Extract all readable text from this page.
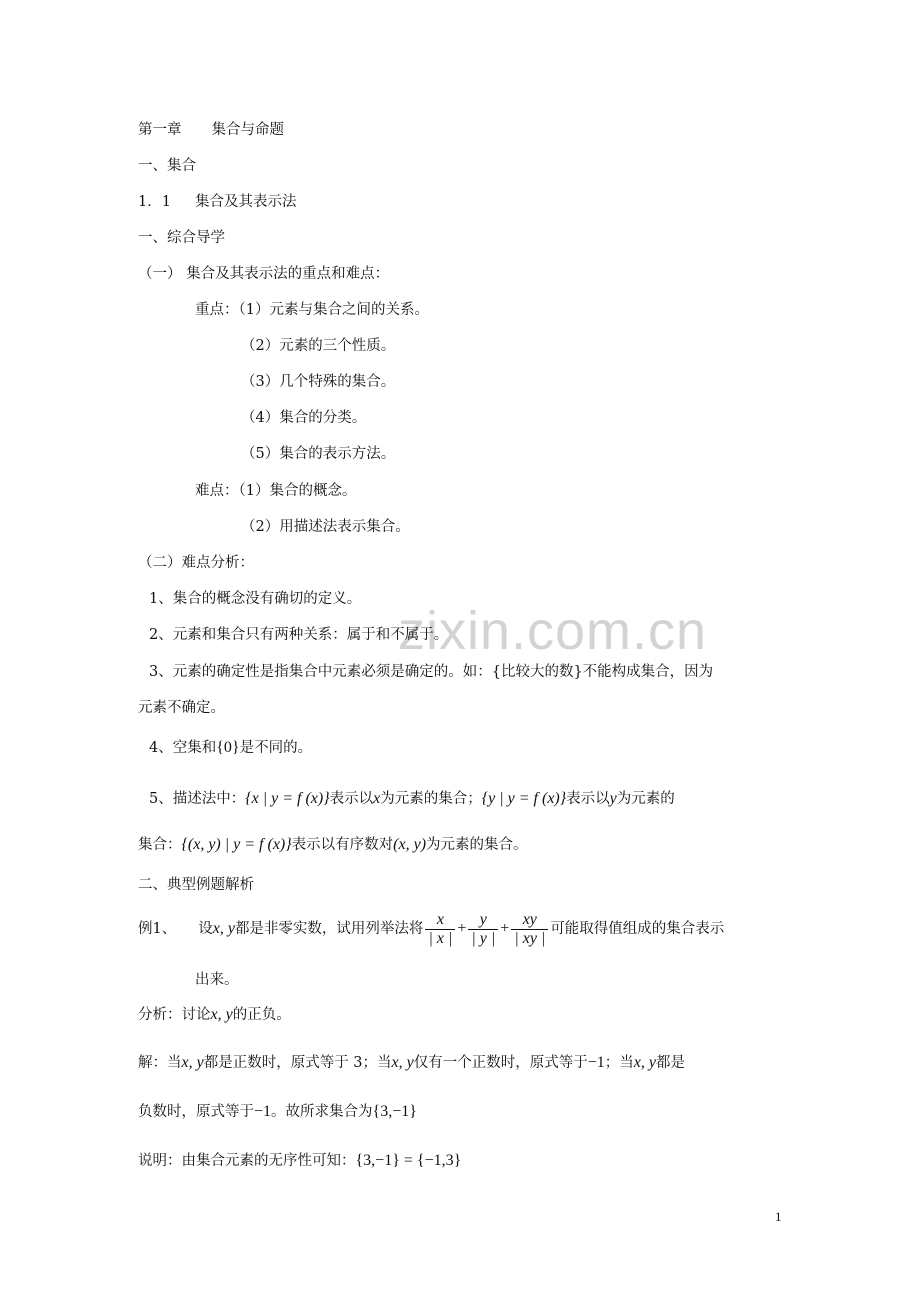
zixin.com.cn
第一章 集合与命题
一、集合
1．1 集合及其表示法
一、综合导学
（一） 集合及其表示法的重点和难点：
重点：（1）元素与集合之间的关系。
（2）元素的三个性质。
（3）几个特殊的集合。
（4）集合的分类。
（5）集合的表示方法。
难点：（1）集合的概念。
（2）用描述法表示集合。
（二）难点分析：
1、集合的概念没有确切的定义。
2、元素和集合只有两种关系：属于和不属于。
3、元素的确定性是指集合中元素必须是确定的。如：{比较大的数}不能构成集合，因为
元素不确定。
4、空集和{0}是不同的。
5、描述法中：{x | y = f (x)}表示以x为元素的集合；{y | y = f (x)}表示以y为元素的
集合：{(x, y) | y = f (x)}表示以有序数对(x, y)为元素的集合。
二、典型例题解析
例1、 设 x, y 都是非零实数，试用列举法将 $\frac{x}{| x |} + \frac{y}{| y |} + \frac{xy}{| xy |}$ 可能取得值组成的集合表示
出来。
分析：讨论x, y的正负。
解：当x, y都是正数时，原式等于 3；当x, y仅有一个正数时，原式等于−1；当x, y都是
负数时，原式等于−1。故所求集合为{3,−1}
说明：由集合元素的无序性可知：{3,−1} = {−1,3}
1
